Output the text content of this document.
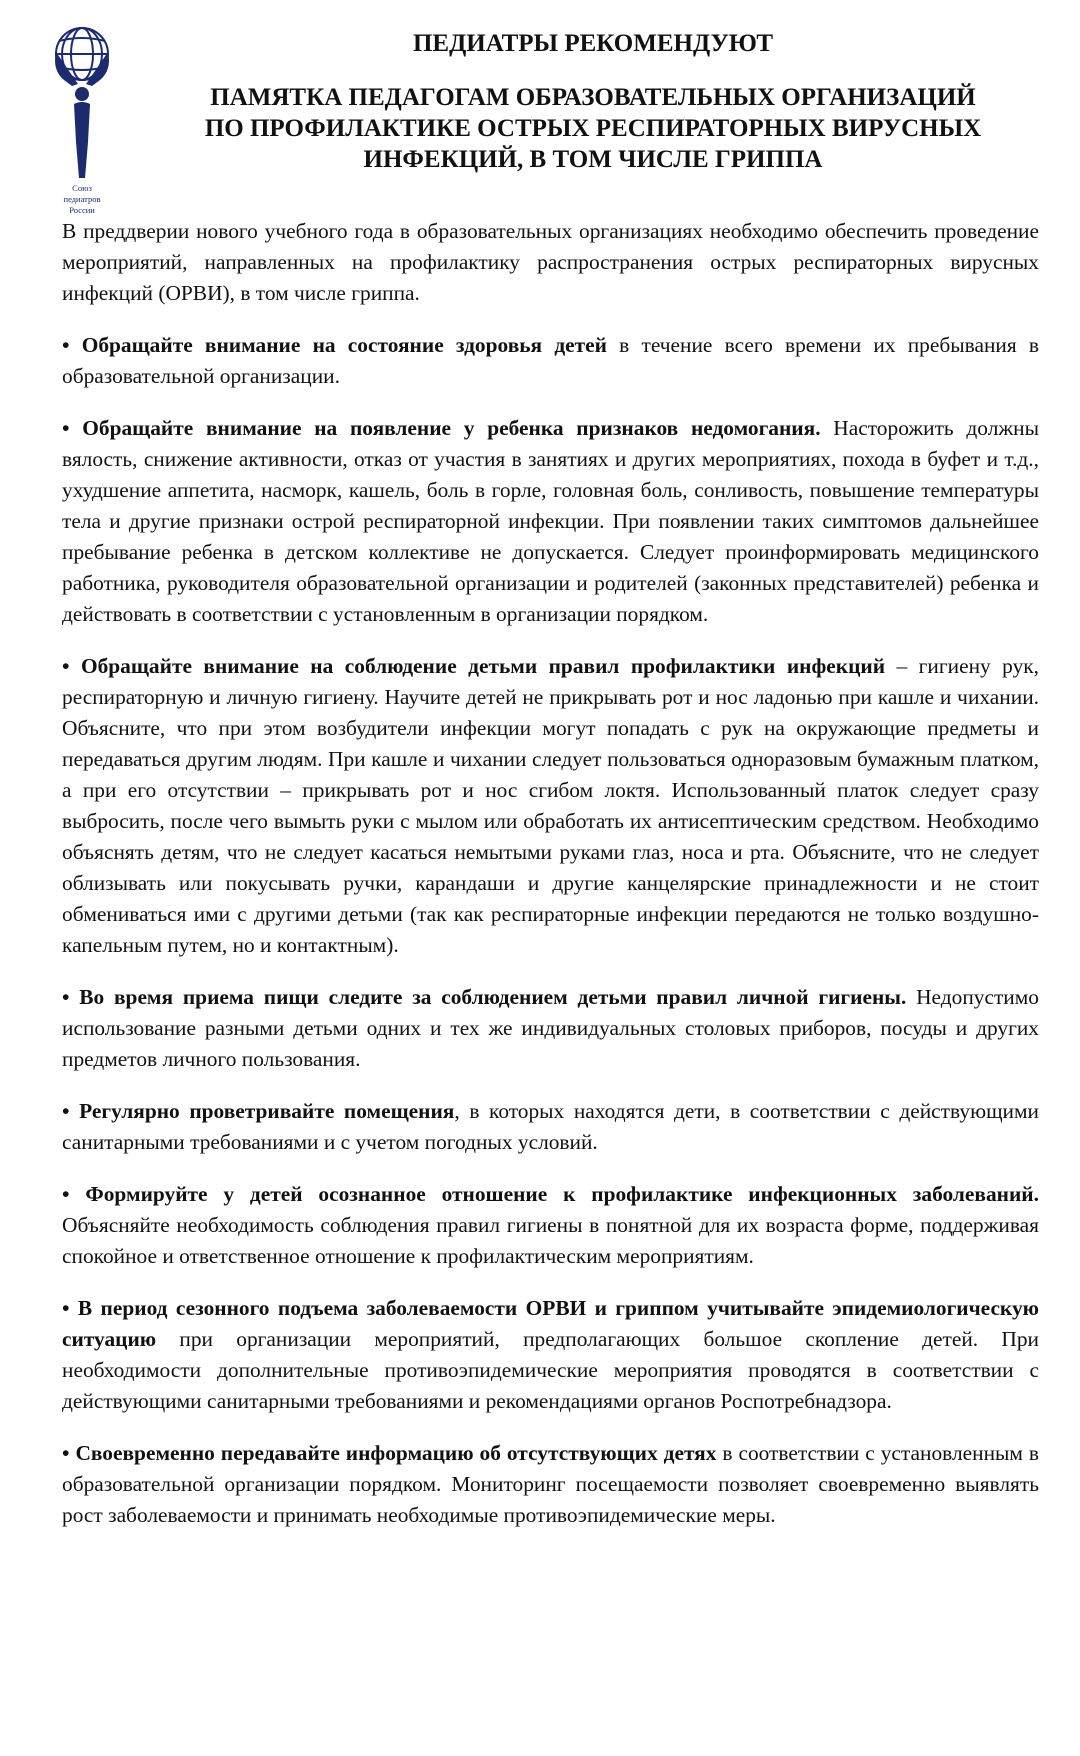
Союз
педиатров
России
ПЕДИАТРЫ РЕКОМЕНДУЮТ
ПАМЯТКА ПЕДАГОГАМ ОБРАЗОВАТЕЛЬНЫХ ОРГАНИЗАЦИЙ
ПО ПРОФИЛАКТИКЕ ОСТРЫХ РЕСПИРАТОРНЫХ ВИРУСНЫХ
ИНФЕКЦИЙ, В ТОМ ЧИСЛЕ ГРИППА

В преддверии нового учебного года в образовательных организациях необходимо обеспечить проведение мероприятий, направленных на профилактику распространения острых респираторных вирусных инфекций (ОРВИ), в том числе гриппа.

• Обращайте внимание на состояние здоровья детей в течение всего времени их пребывания в образовательной организации.

• Обращайте внимание на появление у ребенка признаков недомогания. Насторожить должны вялость, снижение активности, отказ от участия в занятиях и других мероприятиях, похода в буфет и т.д., ухудшение аппетита, насморк, кашель, боль в горле, головная боль, сонливость, повышение температуры тела и другие признаки острой респираторной инфекции. При появлении таких симптомов дальнейшее пребывание ребенка в детском коллективе не допускается. Следует проинформировать медицинского работника, руководителя образовательной организации и родителей (законных представителей) ребенка и действовать в соответствии с установленным в организации порядком.

• Обращайте внимание на соблюдение детьми правил профилактики инфекций – гигиену рук, респираторную и личную гигиену. Научите детей не прикрывать рот и нос ладонью при кашле и чихании. Объясните, что при этом возбудители инфекции могут попадать с рук на окружающие предметы и передаваться другим людям. При кашле и чихании следует пользоваться одноразовым бумажным платком, а при его отсутствии – прикрывать рот и нос сгибом локтя. Использованный платок следует сразу выбросить, после чего вымыть руки с мылом или обработать их антисептическим средством. Необходимо объяснять детям, что не следует касаться немытыми руками глаз, носа и рта. Объясните, что не следует облизывать или покусывать ручки, карандаши и другие канцелярские принадлежности и не стоит обмениваться ими с другими детьми (так как респираторные инфекции передаются не только воздушно-капельным путем, но и контактным).

• Во время приема пищи следите за соблюдением детьми правил личной гигиены. Недопустимо использование разными детьми одних и тех же индивидуальных столовых приборов, посуды и других предметов личного пользования.

• Регулярно проветривайте помещения, в которых находятся дети, в соответствии с действующими санитарными требованиями и с учетом погодных условий.

• Формируйте у детей осознанное отношение к профилактике инфекционных заболеваний. Объясняйте необходимость соблюдения правил гигиены в понятной для их возраста форме, поддерживая спокойное и ответственное отношение к профилактическим мероприятиям.

• В период сезонного подъема заболеваемости ОРВИ и гриппом учитывайте эпидемиологическую ситуацию при организации мероприятий, предполагающих большое скопление детей. При необходимости дополнительные противоэпидемические мероприятия проводятся в соответствии с действующими санитарными требованиями и рекомендациями органов Роспотребнадзора.

• Своевременно передавайте информацию об отсутствующих детях в соответствии с установленным в образовательной организации порядком. Мониторинг посещаемости позволяет своевременно выявлять рост заболеваемости и принимать необходимые противоэпидемические меры.
